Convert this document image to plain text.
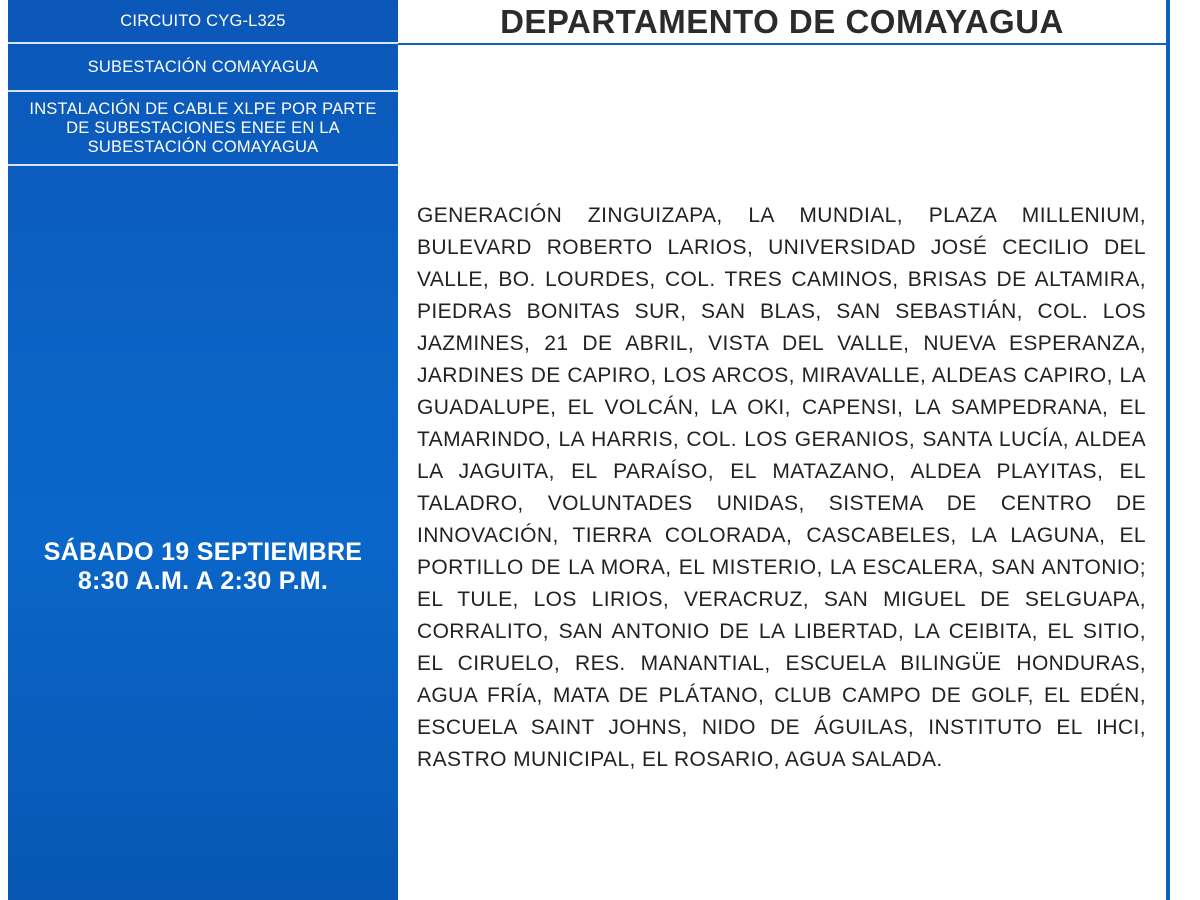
CIRCUITO CYG-L325
SUBESTACIÓN COMAYAGUA
INSTALACIÓN DE CABLE XLPE POR PARTE DE SUBESTACIONES ENEE EN LA SUBESTACIÓN COMAYAGUA
SÁBADO 19 SEPTIEMBRE
8:30 A.M. A 2:30 P.M.
DEPARTAMENTO DE COMAYAGUA

GENERACIÓN ZINGUIZAPA, LA MUNDIAL, PLAZA MILLENIUM, BULEVARD ROBERTO LARIOS, UNIVERSIDAD JOSÉ CECILIO DEL VALLE, BO. LOURDES, COL. TRES CAMINOS, BRISAS DE ALTAMIRA, PIEDRAS BONITAS SUR, SAN BLAS, SAN SEBASTIÁN, COL. LOS JAZMINES, 21 DE ABRIL, VISTA DEL VALLE, NUEVA ESPERANZA, JARDINES DE CAPIRO, LOS ARCOS, MIRAVALLE, ALDEAS CAPIRO, LA GUADALUPE, EL VOLCÁN, LA OKI, CAPENSI, LA SAMPEDRANA, EL TAMARINDO, LA HARRIS, COL. LOS GERANIOS, SANTA LUCÍA, ALDEA LA JAGUITA, EL PARAÍSO, EL MATAZANO, ALDEA PLAYITAS, EL TALADRO, VOLUNTADES UNIDAS, SISTEMA DE CENTRO DE INNOVACIÓN, TIERRA COLORADA, CASCABELES, LA LAGUNA, EL PORTILLO DE LA MORA, EL MISTERIO, LA ESCALERA, SAN ANTONIO; EL TULE, LOS LIRIOS, VERACRUZ, SAN MIGUEL DE SELGUAPA, CORRALITO, SAN ANTONIO DE LA LIBERTAD, LA CEIBITA, EL SITIO, EL CIRUELO, RES. MANANTIAL, ESCUELA BILINGÜE HONDURAS, AGUA FRÍA, MATA DE PLÁTANO, CLUB CAMPO DE GOLF, EL EDÉN, ESCUELA SAINT JOHNS, NIDO DE ÁGUILAS, INSTITUTO EL IHCI, RASTRO MUNICIPAL, EL ROSARIO, AGUA SALADA.
